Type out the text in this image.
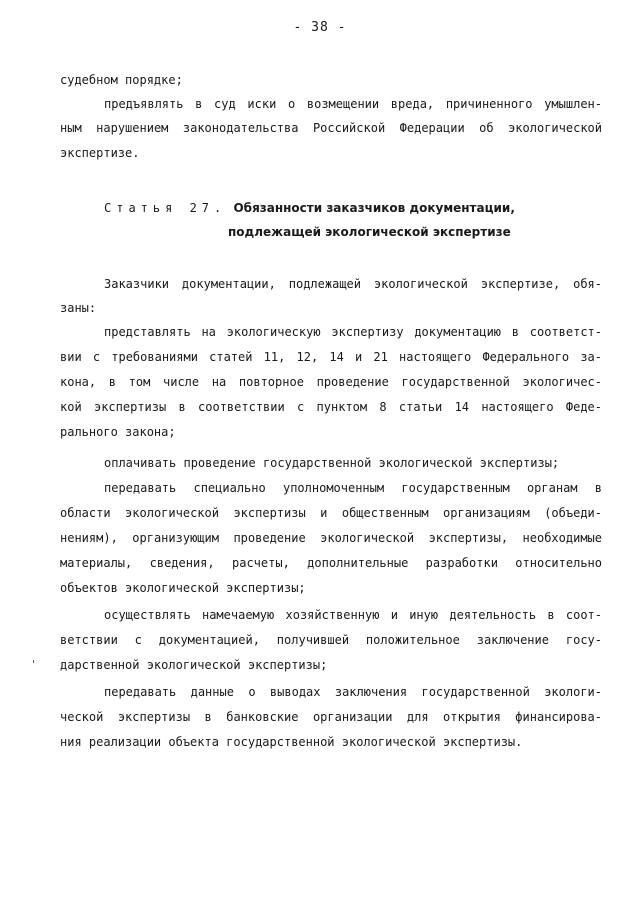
- 38 -
судебном порядке;
предъявлять в суд иски о возмещении вреда, причиненного умышлен-
ным нарушением законодательства Российской Федерации об экологической
экспертизе.
Статья 27. Обязанности заказчиков документации,
подлежащей экологической экспертизе
Заказчики документации, подлежащей экологической экспертизе, обя-
заны:
представлять на экологическую экспертизу документацию в соответст-
вии с требованиями статей 11, 12, 14 и 21 настоящего Федерального за-
кона, в том числе на повторное проведение государственной экологичес-
кой экспертизы в соответствии с пунктом 8 статьи 14 настоящего Феде-
рального закона;
оплачивать проведение государственной экологической экспертизы;
передавать специально уполномоченным государственным органам в
области экологической экспертизы и общественным организациям (объеди-
нениям), организующим проведение экологической экспертизы, необходимые
материалы, сведения, расчеты, дополнительные разработки относительно
объектов экологической экспертизы;
осуществлять намечаемую хозяйственную и иную деятельность в соот-
ветствии с документацией, получившей положительное заключение госу-
дарственной экологической экспертизы;
передавать данные о выводах заключения государственной экологи-
ческой экспертизы в банковские организации для открытия финансирова-
ния реализации объекта государственной экологической экспертизы.
